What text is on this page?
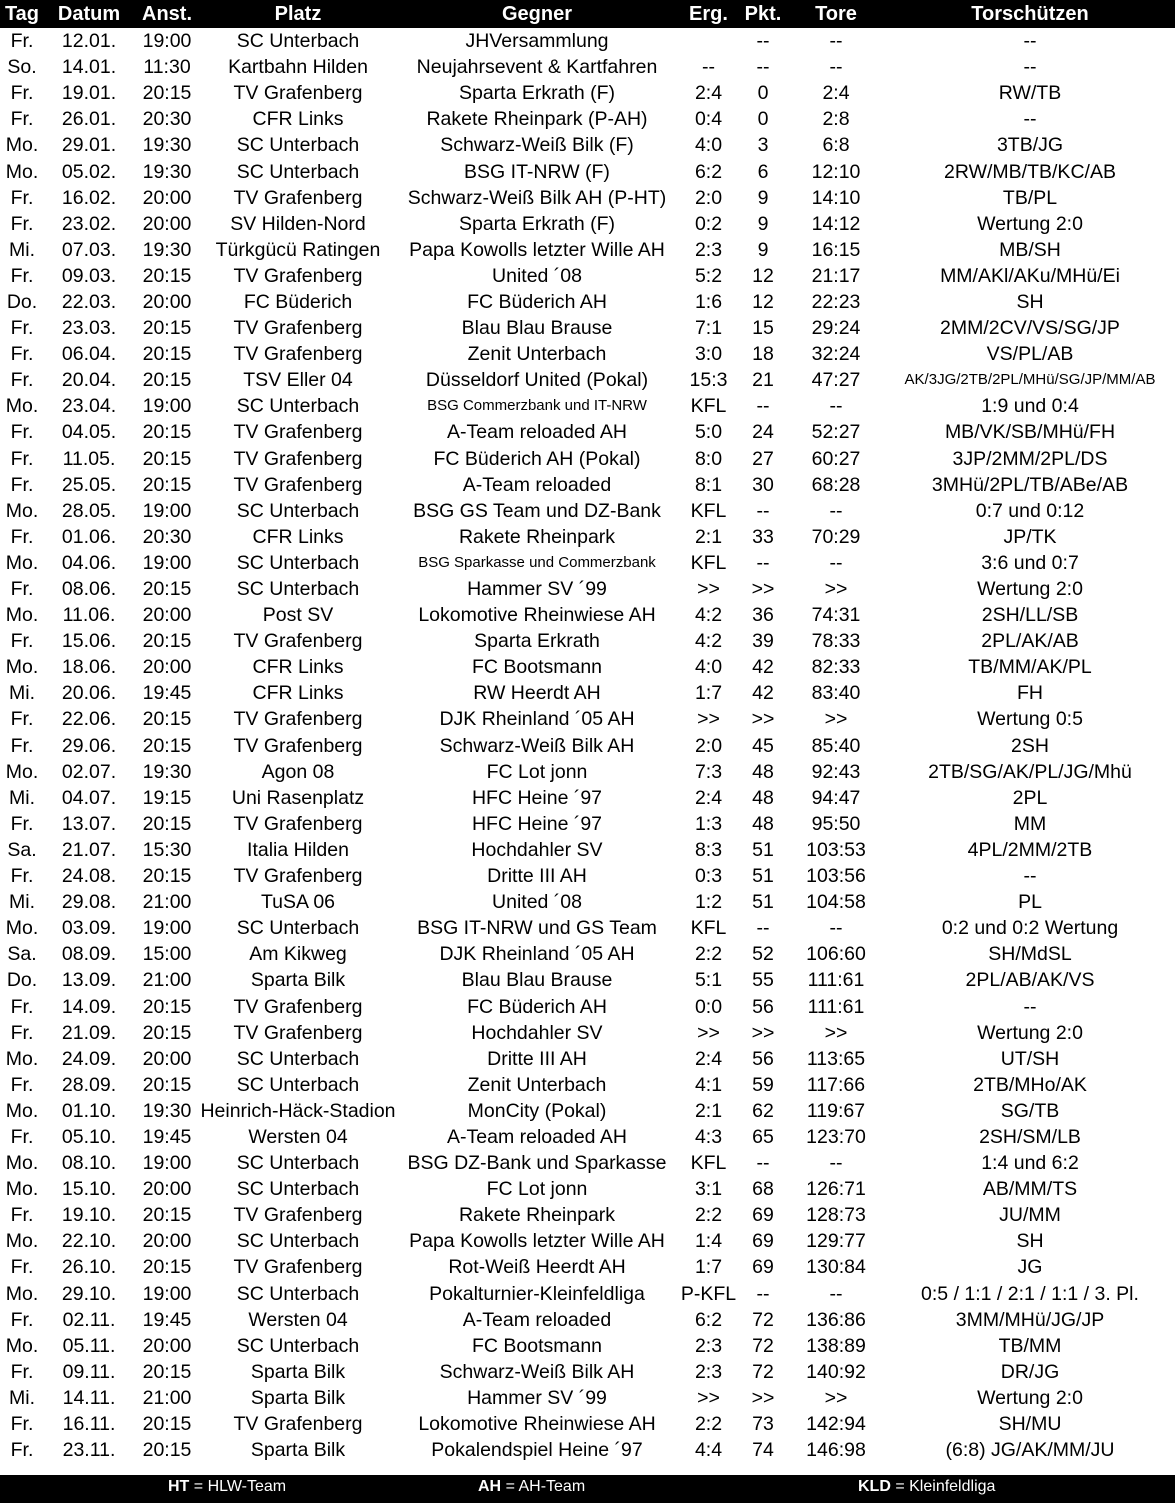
Tag	Datum	Anst.	Platz	Gegner	Erg.	Pkt.	Tore	Torschützen
Fr.	12.01.	19:00	SC Unterbach	JHVersammlung		--	--	--
So.	14.01.	11:30	Kartbahn Hilden	Neujahrsevent & Kartfahren	--	--	--	--
Fr.	19.01.	20:15	TV Grafenberg	Sparta Erkrath (F)	2:4	0	2:4	RW/TB
Fr.	26.01.	20:30	CFR Links	Rakete Rheinpark (P-AH)	0:4	0	2:8	--
Mo.	29.01.	19:30	SC Unterbach	Schwarz-Weiß Bilk (F)	4:0	3	6:8	3TB/JG
Mo.	05.02.	19:30	SC Unterbach	BSG IT-NRW (F)	6:2	6	12:10	2RW/MB/TB/KC/AB
Fr.	16.02.	20:00	TV Grafenberg	Schwarz-Weiß Bilk AH (P-HT)	2:0	9	14:10	TB/PL
Fr.	23.02.	20:00	SV Hilden-Nord	Sparta Erkrath (F)	0:2	9	14:12	Wertung 2:0
Mi.	07.03.	19:30	Türkgücü Ratingen	Papa Kowolls letzter Wille AH	2:3	9	16:15	MB/SH
Fr.	09.03.	20:15	TV Grafenberg	United ´08	5:2	12	21:17	MM/AKl/AKu/MHü/Ei
Do.	22.03.	20:00	FC Büderich	FC Büderich AH	1:6	12	22:23	SH
Fr.	23.03.	20:15	TV Grafenberg	Blau Blau Brause	7:1	15	29:24	2MM/2CV/VS/SG/JP
Fr.	06.04.	20:15	TV Grafenberg	Zenit Unterbach	3:0	18	32:24	VS/PL/AB
Fr.	20.04.	20:15	TSV Eller 04	Düsseldorf United (Pokal)	15:3	21	47:27	AK/3JG/2TB/2PL/MHü/SG/JP/MM/AB
Mo.	23.04.	19:00	SC Unterbach	BSG Commerzbank und IT-NRW	KFL	--	--	1:9 und 0:4
Fr.	04.05.	20:15	TV Grafenberg	A-Team reloaded AH	5:0	24	52:27	MB/VK/SB/MHü/FH
Fr.	11.05.	20:15	TV Grafenberg	FC Büderich AH (Pokal)	8:0	27	60:27	3JP/2MM/2PL/DS
Fr.	25.05.	20:15	TV Grafenberg	A-Team reloaded	8:1	30	68:28	3MHü/2PL/TB/ABe/AB
Mo.	28.05.	19:00	SC Unterbach	BSG GS Team und DZ-Bank	KFL	--	--	0:7 und 0:12
Fr.	01.06.	20:30	CFR Links	Rakete Rheinpark	2:1	33	70:29	JP/TK
Mo.	04.06.	19:00	SC Unterbach	BSG Sparkasse und Commerzbank	KFL	--	--	3:6 und 0:7
Fr.	08.06.	20:15	SC Unterbach	Hammer SV ´99	>>	>>	>>	Wertung 2:0
Mo.	11.06.	20:00	Post SV	Lokomotive Rheinwiese AH	4:2	36	74:31	2SH/LL/SB
Fr.	15.06.	20:15	TV Grafenberg	Sparta Erkrath	4:2	39	78:33	2PL/AK/AB
Mo.	18.06.	20:00	CFR Links	FC Bootsmann	4:0	42	82:33	TB/MM/AK/PL
Mi.	20.06.	19:45	CFR Links	RW Heerdt AH	1:7	42	83:40	FH
Fr.	22.06.	20:15	TV Grafenberg	DJK Rheinland ´05 AH	>>	>>	>>	Wertung 0:5
Fr.	29.06.	20:15	TV Grafenberg	Schwarz-Weiß Bilk AH	2:0	45	85:40	2SH
Mo.	02.07.	19:30	Agon 08	FC Lot jonn	7:3	48	92:43	2TB/SG/AK/PL/JG/Mhü
Mi.	04.07.	19:15	Uni Rasenplatz	HFC Heine ´97	2:4	48	94:47	2PL
Fr.	13.07.	20:15	TV Grafenberg	HFC Heine ´97	1:3	48	95:50	MM
Sa.	21.07.	15:30	Italia Hilden	Hochdahler SV	8:3	51	103:53	4PL/2MM/2TB
Fr.	24.08.	20:15	TV Grafenberg	Dritte III AH	0:3	51	103:56	--
Mi.	29.08.	21:00	TuSA 06	United ´08	1:2	51	104:58	PL
Mo.	03.09.	19:00	SC Unterbach	BSG IT-NRW und GS Team	KFL	--	--	0:2 und 0:2 Wertung
Sa.	08.09.	15:00	Am Kikweg	DJK Rheinland ´05 AH	2:2	52	106:60	SH/MdSL
Do.	13.09.	21:00	Sparta Bilk	Blau Blau Brause	5:1	55	111:61	2PL/AB/AK/VS
Fr.	14.09.	20:15	TV Grafenberg	FC Büderich AH	0:0	56	111:61	--
Fr.	21.09.	20:15	TV Grafenberg	Hochdahler SV	>>	>>	>>	Wertung 2:0
Mo.	24.09.	20:00	SC Unterbach	Dritte III AH	2:4	56	113:65	UT/SH
Fr.	28.09.	20:15	SC Unterbach	Zenit Unterbach	4:1	59	117:66	2TB/MHo/AK
Mo.	01.10.	19:30	Heinrich-Häck-Stadion	MonCity (Pokal)	2:1	62	119:67	SG/TB
Fr.	05.10.	19:45	Wersten 04	A-Team reloaded AH	4:3	65	123:70	2SH/SM/LB
Mo.	08.10.	19:00	SC Unterbach	BSG DZ-Bank und Sparkasse	KFL	--	--	1:4 und 6:2
Mo.	15.10.	20:00	SC Unterbach	FC Lot jonn	3:1	68	126:71	AB/MM/TS
Fr.	19.10.	20:15	TV Grafenberg	Rakete Rheinpark	2:2	69	128:73	JU/MM
Mo.	22.10.	20:00	SC Unterbach	Papa Kowolls letzter Wille AH	1:4	69	129:77	SH
Fr.	26.10.	20:15	TV Grafenberg	Rot-Weiß Heerdt AH	1:7	69	130:84	JG
Mo.	29.10.	19:00	SC Unterbach	Pokalturnier-Kleinfeldliga	P-KFL	--	--	0:5 / 1:1 / 2:1 / 1:1 / 3. Pl.
Fr.	02.11.	19:45	Wersten 04	A-Team reloaded	6:2	72	136:86	3MM/MHü/JG/JP
Mo.	05.11.	20:00	SC Unterbach	FC Bootsmann	2:3	72	138:89	TB/MM
Fr.	09.11.	20:15	Sparta Bilk	Schwarz-Weiß Bilk AH	2:3	72	140:92	DR/JG
Mi.	14.11.	21:00	Sparta Bilk	Hammer SV ´99	>>	>>	>>	Wertung 2:0
Fr.	16.11.	20:15	TV Grafenberg	Lokomotive Rheinwiese AH	2:2	73	142:94	SH/MU
Fr.	23.11.	20:15	Sparta Bilk	Pokalendspiel Heine ´97	4:4	74	146:98	(6:8) JG/AK/MM/JU
HT = HLW-Team	AH = AH-Team	KLD = Kleinfeldliga
